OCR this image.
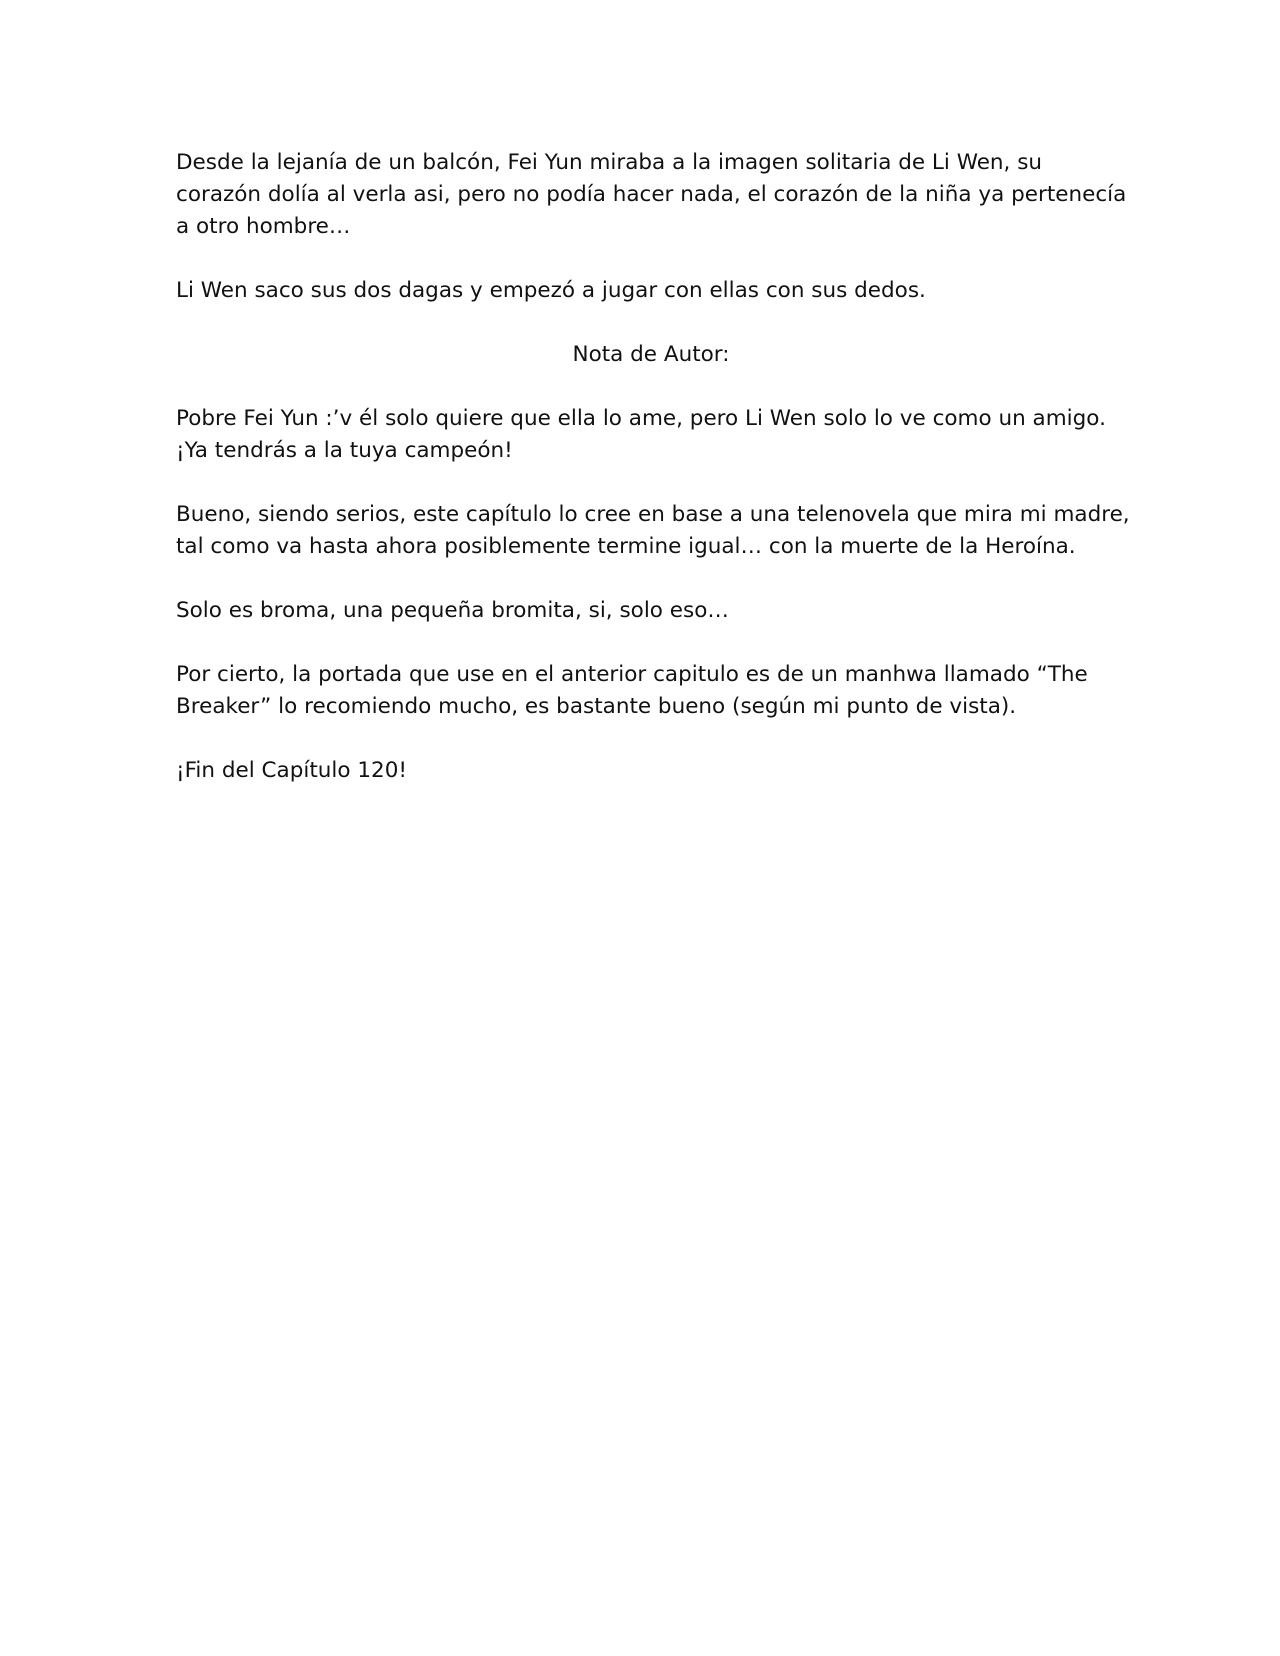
Desde la lejanía de un balcón, Fei Yun miraba a la imagen solitaria de Li Wen, su
corazón dolía al verla asi, pero no podía hacer nada, el corazón de la niña ya pertenecía
a otro hombre…

Li Wen saco sus dos dagas y empezó a jugar con ellas con sus dedos.

Nota de Autor:

Pobre Fei Yun :’v él solo quiere que ella lo ame, pero Li Wen solo lo ve como un amigo.
¡Ya tendrás a la tuya campeón!

Bueno, siendo serios, este capítulo lo cree en base a una telenovela que mira mi madre,
tal como va hasta ahora posiblemente termine igual… con la muerte de la Heroína.

Solo es broma, una pequeña bromita, si, solo eso…

Por cierto, la portada que use en el anterior capitulo es de un manhwa llamado “The
Breaker” lo recomiendo mucho, es bastante bueno (según mi punto de vista).

¡Fin del Capítulo 120!
